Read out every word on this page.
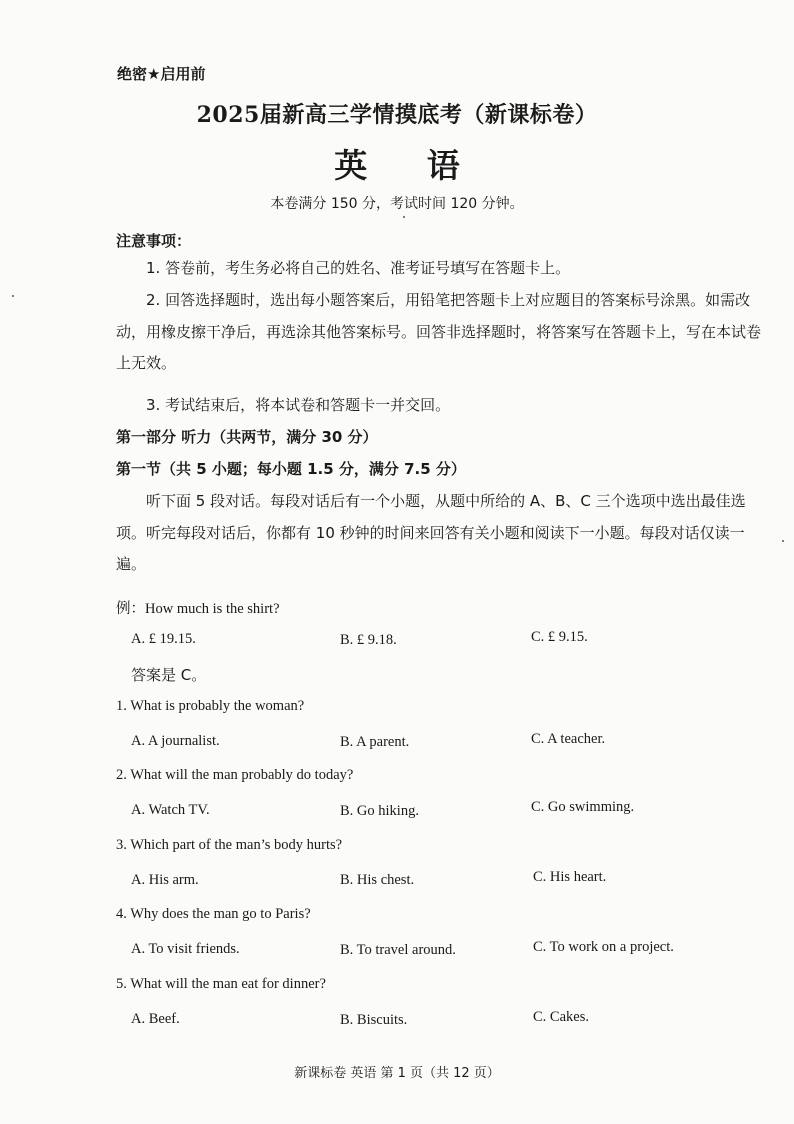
绝密★启用前
2025届新高三学情摸底考（新课标卷）
英 语
本卷满分 150 分，考试时间 120 分钟。
注意事项：
1. 答卷前，考生务必将自己的姓名、准考证号填写在答题卡上。
2. 回答选择题时，选出每小题答案后，用铅笔把答题卡上对应题目的答案标号涂黑。如需改动，用橡皮擦干净后，再选涂其他答案标号。回答非选择题时，将答案写在答题卡上，写在本试卷上无效。
3. 考试结束后，将本试卷和答题卡一并交回。
第一部分 听力（共两节，满分 30 分）
第一节（共 5 小题；每小题 1.5 分，满分 7.5 分）
听下面 5 段对话。每段对话后有一个小题，从题中所给的 A、B、C 三个选项中选出最佳选项。听完每段对话后，你都有 10 秒钟的时间来回答有关小题和阅读下一小题。每段对话仅读一遍。
例：How much is the shirt?
A. £ 19.15.	B. £ 9.18.	C. £ 9.15.
答案是 C。
1. What is probably the woman?
A. A journalist.	B. A parent.	C. A teacher.
2. What will the man probably do today?
A. Watch TV.	B. Go hiking.	C. Go swimming.
3. Which part of the man’s body hurts?
A. His arm.	B. His chest.	C. His heart.
4. Why does the man go to Paris?
A. To visit friends.	B. To travel around.	C. To work on a project.
5. What will the man eat for dinner?
A. Beef.	B. Biscuits.	C. Cakes.
新课标卷 英语 第 1 页（共 12 页）
